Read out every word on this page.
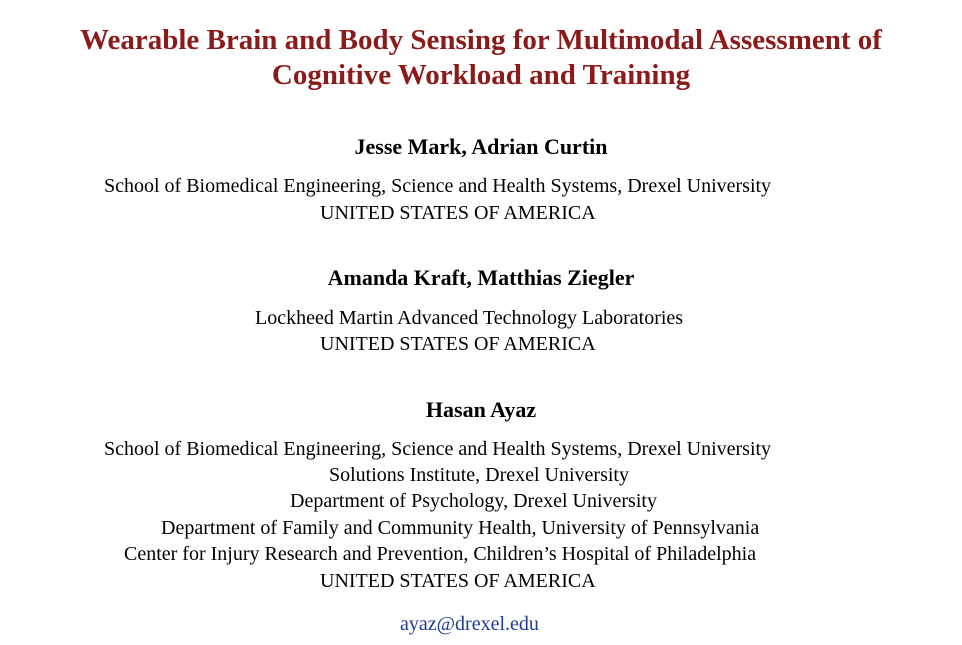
Wearable Brain and Body Sensing for Multimodal Assessment of
Cognitive Workload and Training
Jesse Mark, Adrian Curtin
School of Biomedical Engineering, Science and Health Systems, Drexel University
UNITED STATES OF AMERICA
Amanda Kraft, Matthias Ziegler
Lockheed Martin Advanced Technology Laboratories
UNITED STATES OF AMERICA
Hasan Ayaz
School of Biomedical Engineering, Science and Health Systems, Drexel University
Solutions Institute, Drexel University
Department of Psychology, Drexel University
Department of Family and Community Health, University of Pennsylvania
Center for Injury Research and Prevention, Children’s Hospital of Philadelphia
UNITED STATES OF AMERICA
ayaz@drexel.edu
